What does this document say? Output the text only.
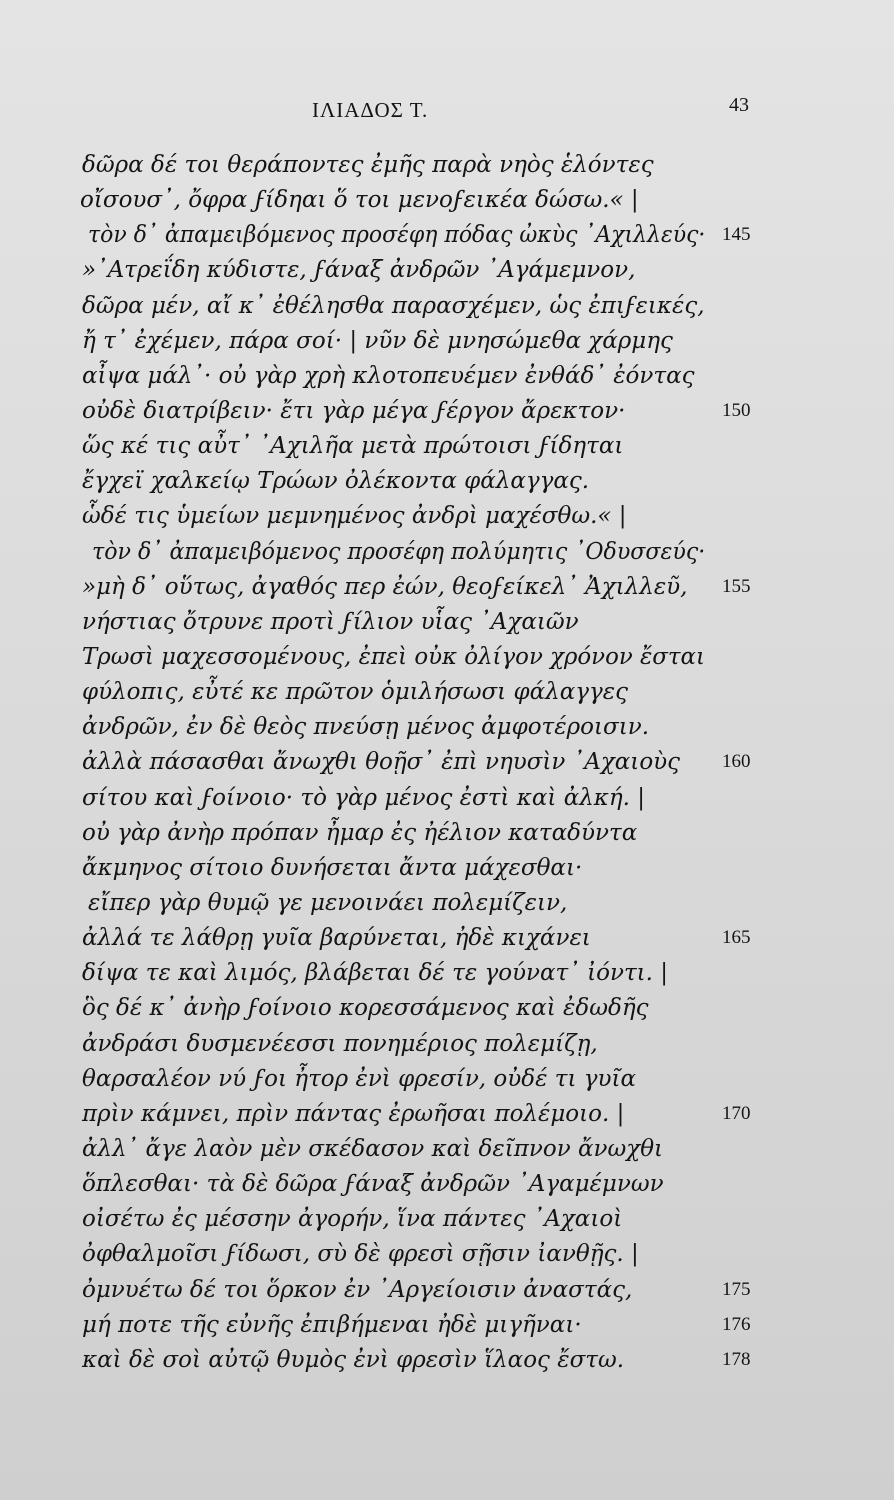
ΙΛΙΑΔΟΣ Τ.	43
δῶρα δέ τοι θεράποντες ἐμῆς παρὰ νηὸς ἑλόντες
οἴσουσ᾽, ὄφρα ϝίδηαι ὅ τοι μενοϝεικέα δώσω.« |
τὸν δ᾽ ἀπαμειβόμενος προσέφη πόδας ὠκὺς ᾽Αχιλλεύς· 145
»᾽Ατρεΐδη κύδιστε, ϝάναξ ἀνδρῶν ᾽Αγάμεμνον,
δῶρα μέν, αἴ κ᾽ ἐθέλησθα παρασχέμεν, ὡς ἐπιϝεικές,
ἤ τ᾽ ἐχέμεν, πάρα σοί· | νῦν δὲ μνησώμεθα χάρμης
αἶψα μάλ᾽· οὐ γὰρ χρὴ κλοτοπευέμεν ἐνθάδ᾽ ἐόντας
οὐδὲ διατρίβειν· ἔτι γὰρ μέγα ϝέργον ἄρεκτον·	150
ὥς κέ τις αὖτ᾽ ᾽Αχιλῆα μετὰ πρώτοισι ϝίδηται
ἔγχεϊ χαλκείῳ Τρώων ὀλέκοντα φάλαγγας.
ὧδέ τις ὑμείων μεμνημένος ἀνδρὶ μαχέσθω.« |
τὸν δ᾽ ἀπαμειβόμενος προσέφη πολύμητις ᾽Οδυσσεύς·
»μὴ δ᾽ οὕτως, ἀγαθός περ ἐών, θεοϝείκελ᾽ Ἀχιλλεῦ, 155
νήστιας ὄτρυνε προτὶ ϝίλιον υἷας ᾽Αχαιῶν
Τρωσὶ μαχεσσομένους, ἐπεὶ οὐκ ὀλίγον χρόνον ἔσται
φύλοπις, εὖτέ κε πρῶτον ὁμιλήσωσι φάλαγγες
ἀνδρῶν, ἐν δὲ θεὸς πνεύσῃ μένος ἀμφοτέροισιν.
ἀλλὰ πάσασθαι ἄνωχθι θοῇσ᾽ ἐπὶ νηυσὶν ᾽Αχαιοὺς 160
σίτου καὶ ϝοίνοιο· τὸ γὰρ μένος ἐστὶ καὶ ἀλκή. |
οὐ γὰρ ἀνὴρ πρόπαν ἦμαρ ἐς ἠέλιον καταδύντα
ἄκμηνος σίτοιο δυνήσεται ἄντα μάχεσθαι·
εἴπερ γὰρ θυμῷ γε μενοινάει πολεμίζειν,
ἀλλά τε λάθρῃ γυῖα βαρύνεται, ἠδὲ κιχάνει	165
δίψα τε καὶ λιμός, βλάβεται δέ τε γούνατ᾽ ἰόντι. |
ὃς δέ κ᾽ ἀνὴρ ϝοίνοιο κορεσσάμενος καὶ ἐδωδῆς
ἀνδράσι δυσμενέεσσι πονημέριος πολεμίζῃ,
θαρσαλέον νύ ϝοι ἦτορ ἐνὶ φρεσίν, οὐδέ τι γυῖα
πρὶν κάμνει, πρὶν πάντας ἐρωῆσαι πολέμοιο. |	170
ἀλλ᾽ ἄγε λαὸν μὲν σκέδασον καὶ δεῖπνον ἄνωχθι
ὅπλεσθαι· τὰ δὲ δῶρα ϝάναξ ἀνδρῶν ᾽Αγαμέμνων
οἰσέτω ἐς μέσσην ἀγορήν, ἵνα πάντες ᾽Αχαιοὶ
ὀφθαλμοῖσι ϝίδωσι, σὺ δὲ φρεσὶ σῇσιν ἰανθῇς. |
ὀμνυέτω δέ τοι ὅρκον ἐν ᾽Αργείοισιν ἀναστάς,	175
μή ποτε τῆς εὐνῆς ἐπιβήμεναι ἠδὲ μιγῆναι·	176
καὶ δὲ σοὶ αὐτῷ θυμὸς ἐνὶ φρεσὶν ἵλαος ἔστω.	178
